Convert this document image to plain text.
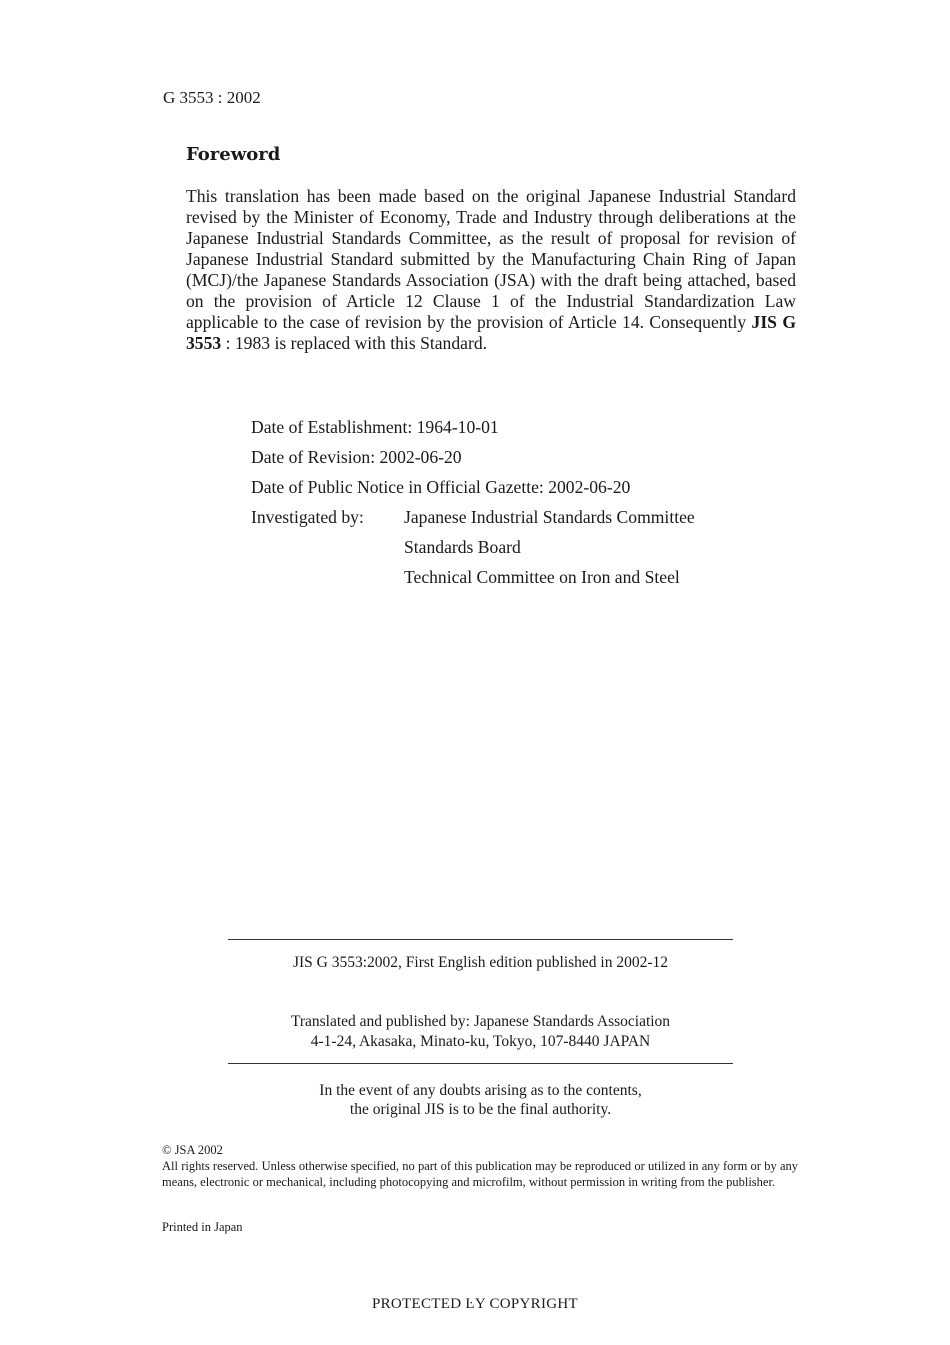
G 3553 : 2002
Foreword
This translation has been made based on the original Japanese Industrial Standard revised by the Minister of Economy, Trade and Industry through deliberations at the Japanese Industrial Standards Committee, as the result of proposal for revision of Japanese Industrial Standard submitted by the Manufacturing Chain Ring of Japan (MCJ)/the Japanese Standards Association (JSA) with the draft being attached, based on the provision of Article 12 Clause 1 of the Industrial Standardization Law applicable to the case of revision by the provision of Article 14. Consequently JIS G 3553 : 1983 is replaced with this Standard.
Date of Establishment: 1964-10-01
Date of Revision: 2002-06-20
Date of Public Notice in Official Gazette: 2002-06-20
Investigated by: Japanese Industrial Standards Committee
Standards Board
Technical Committee on Iron and Steel
JIS G 3553:2002, First English edition published in 2002-12
Translated and published by: Japanese Standards Association
4-1-24, Akasaka, Minato-ku, Tokyo, 107-8440 JAPAN
In the event of any doubts arising as to the contents,
the original JIS is to be the final authority.
© JSA 2002
All rights reserved. Unless otherwise specified, no part of this publication may be reproduced or utilized in any form or by any means, electronic or mechanical, including photocopying and microfilm, without permission in writing from the publisher.
Printed in Japan
PROTECTED ĿY COPYRIGHT
